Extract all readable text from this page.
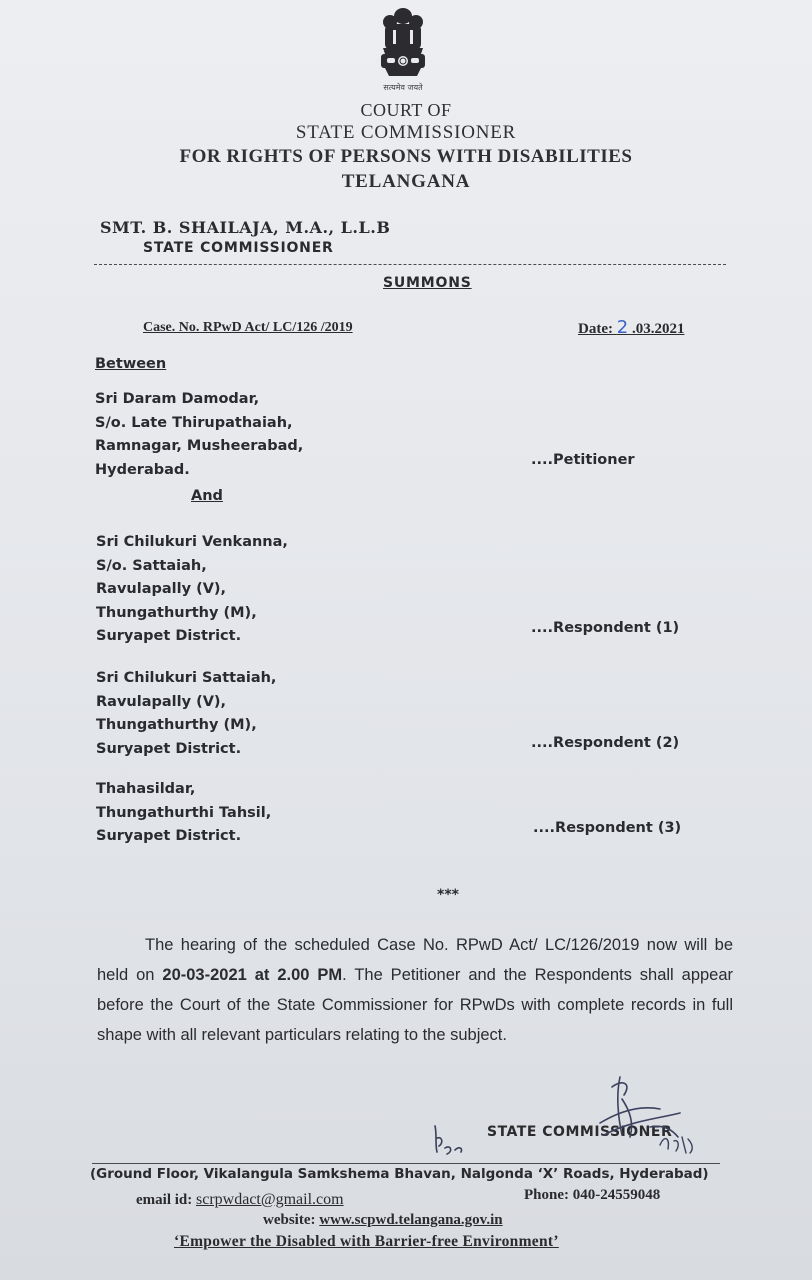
सत्यमेव जयते
COURT OF
STATE COMMISSIONER
FOR RIGHTS OF PERSONS WITH DISABILITIES
TELANGANA
SMT. B. SHAILAJA, M.A., L.L.B
STATE COMMISSIONER
SUMMONS
Case. No. RPwD Act/ LC/126 /2019	Date: 2 .03.2021
Between
Sri Daram Damodar,
S/o. Late Thirupathaiah,
Ramnagar, Musheerabad,
Hyderabad.
....Petitioner
And
Sri Chilukuri Venkanna,
S/o. Sattaiah,
Ravulapally (V),
Thungathurthy (M),
Suryapet District.	....Respondent (1)
Sri Chilukuri Sattaiah,
Ravulapally (V),
Thungathurthy (M),
Suryapet District.	....Respondent (2)
Thahasildar,
Thungathurthi Tahsil,
Suryapet District.	....Respondent (3)
***
The hearing of the scheduled Case No. RPwD Act/ LC/126/2019 now will be held on 20-03-2021 at 2.00 PM. The Petitioner and the Respondents shall appear before the Court of the State Commissioner for RPwDs with complete records in full shape with all relevant particulars relating to the subject.
STATE COMMISSIONER
(Ground Floor, Vikalangula Samkshema Bhavan, Nalgonda ‘X’ Roads, Hyderabad)
email id: scrpwdact@gmail.com	Phone: 040-24559048
website: www.scpwd.telangana.gov.in
‘Empower the Disabled with Barrier-free Environment’
